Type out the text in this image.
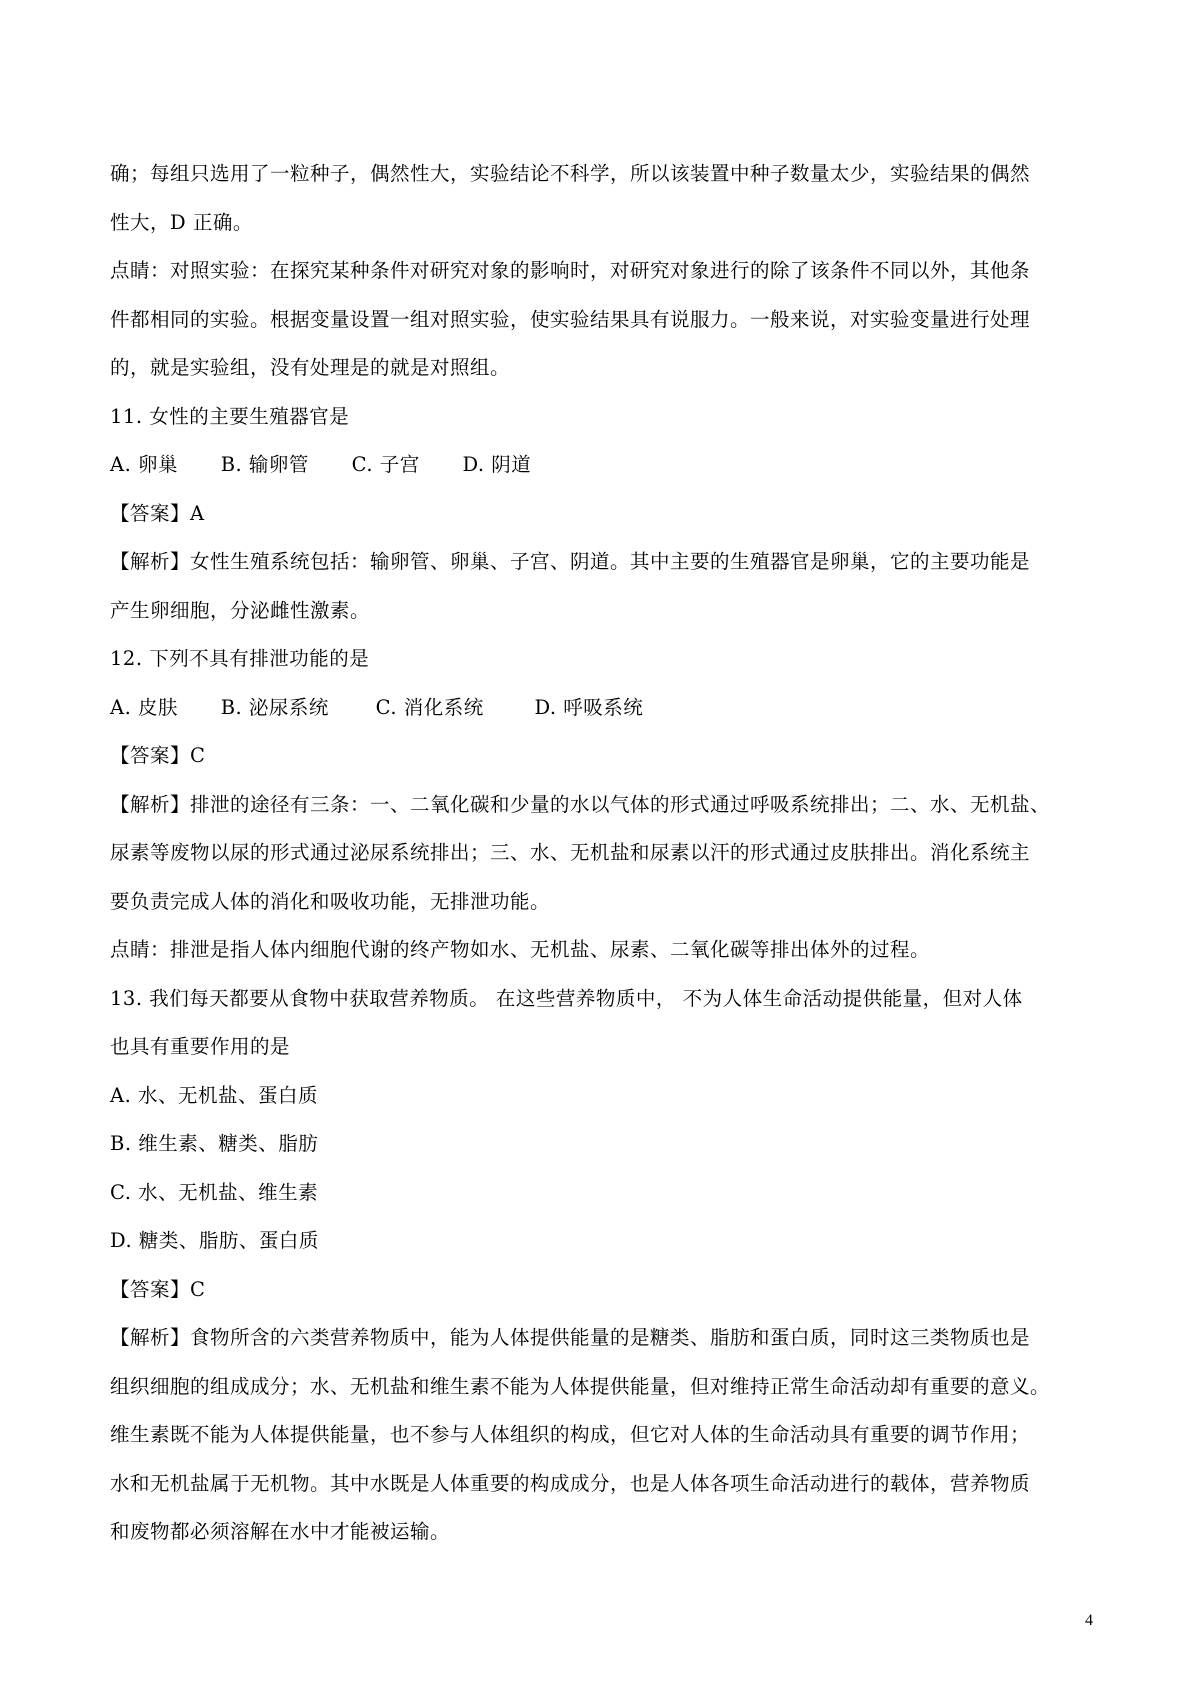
确；每组只选用了一粒种子，偶然性大，实验结论不科学，所以该装置中种子数量太少，实验结果的偶然
性大，D 正确。
点睛：对照实验：在探究某种条件对研究对象的影响时，对研究对象进行的除了该条件不同以外，其他条
件都相同的实验。根据变量设置一组对照实验，使实验结果具有说服力。一般来说，对实验变量进行处理
的，就是实验组，没有处理是的就是对照组。
11. 女性的主要生殖器官是
A. 卵巢 B. 输卵管 C. 子宫 D. 阴道
【答案】A
【解析】女性生殖系统包括：输卵管、卵巢、子宫、阴道。其中主要的生殖器官是卵巢，它的主要功能是
产生卵细胞，分泌雌性激素。
12. 下列不具有排泄功能的是
A. 皮肤 B. 泌尿系统 C. 消化系统	D. 呼吸系统
【答案】C
【解析】排泄的途径有三条：一、二氧化碳和少量的水以气体的形式通过呼吸系统排出；二、水、无机盐、
尿素等废物以尿的形式通过泌尿系统排出；三、水、无机盐和尿素以汗的形式通过皮肤排出。消化系统主
要负责完成人体的消化和吸收功能，无排泄功能。
点睛：排泄是指人体内细胞代谢的终产物如水、无机盐、尿素、二氧化碳等排出体外的过程。
13. 我们每天都要从食物中获取营养物质。 在这些营养物质中， 不为人体生命活动提供能量，但对人体
也具有重要作用的是
A. 水、无机盐、蛋白质
B. 维生素、糖类、脂肪
C. 水、无机盐、维生素
D. 糖类、脂肪、蛋白质
【答案】C
【解析】食物所含的六类营养物质中，能为人体提供能量的是糖类、脂肪和蛋白质，同时这三类物质也是
组织细胞的组成成分；水、无机盐和维生素不能为人体提供能量，但对维持正常生命活动却有重要的意义。
维生素既不能为人体提供能量，也不参与人体组织的构成，但它对人体的生命活动具有重要的调节作用；
水和无机盐属于无机物。其中水既是人体重要的构成成分，也是人体各项生命活动进行的载体，营养物质
和废物都必须溶解在水中才能被运输。
4
